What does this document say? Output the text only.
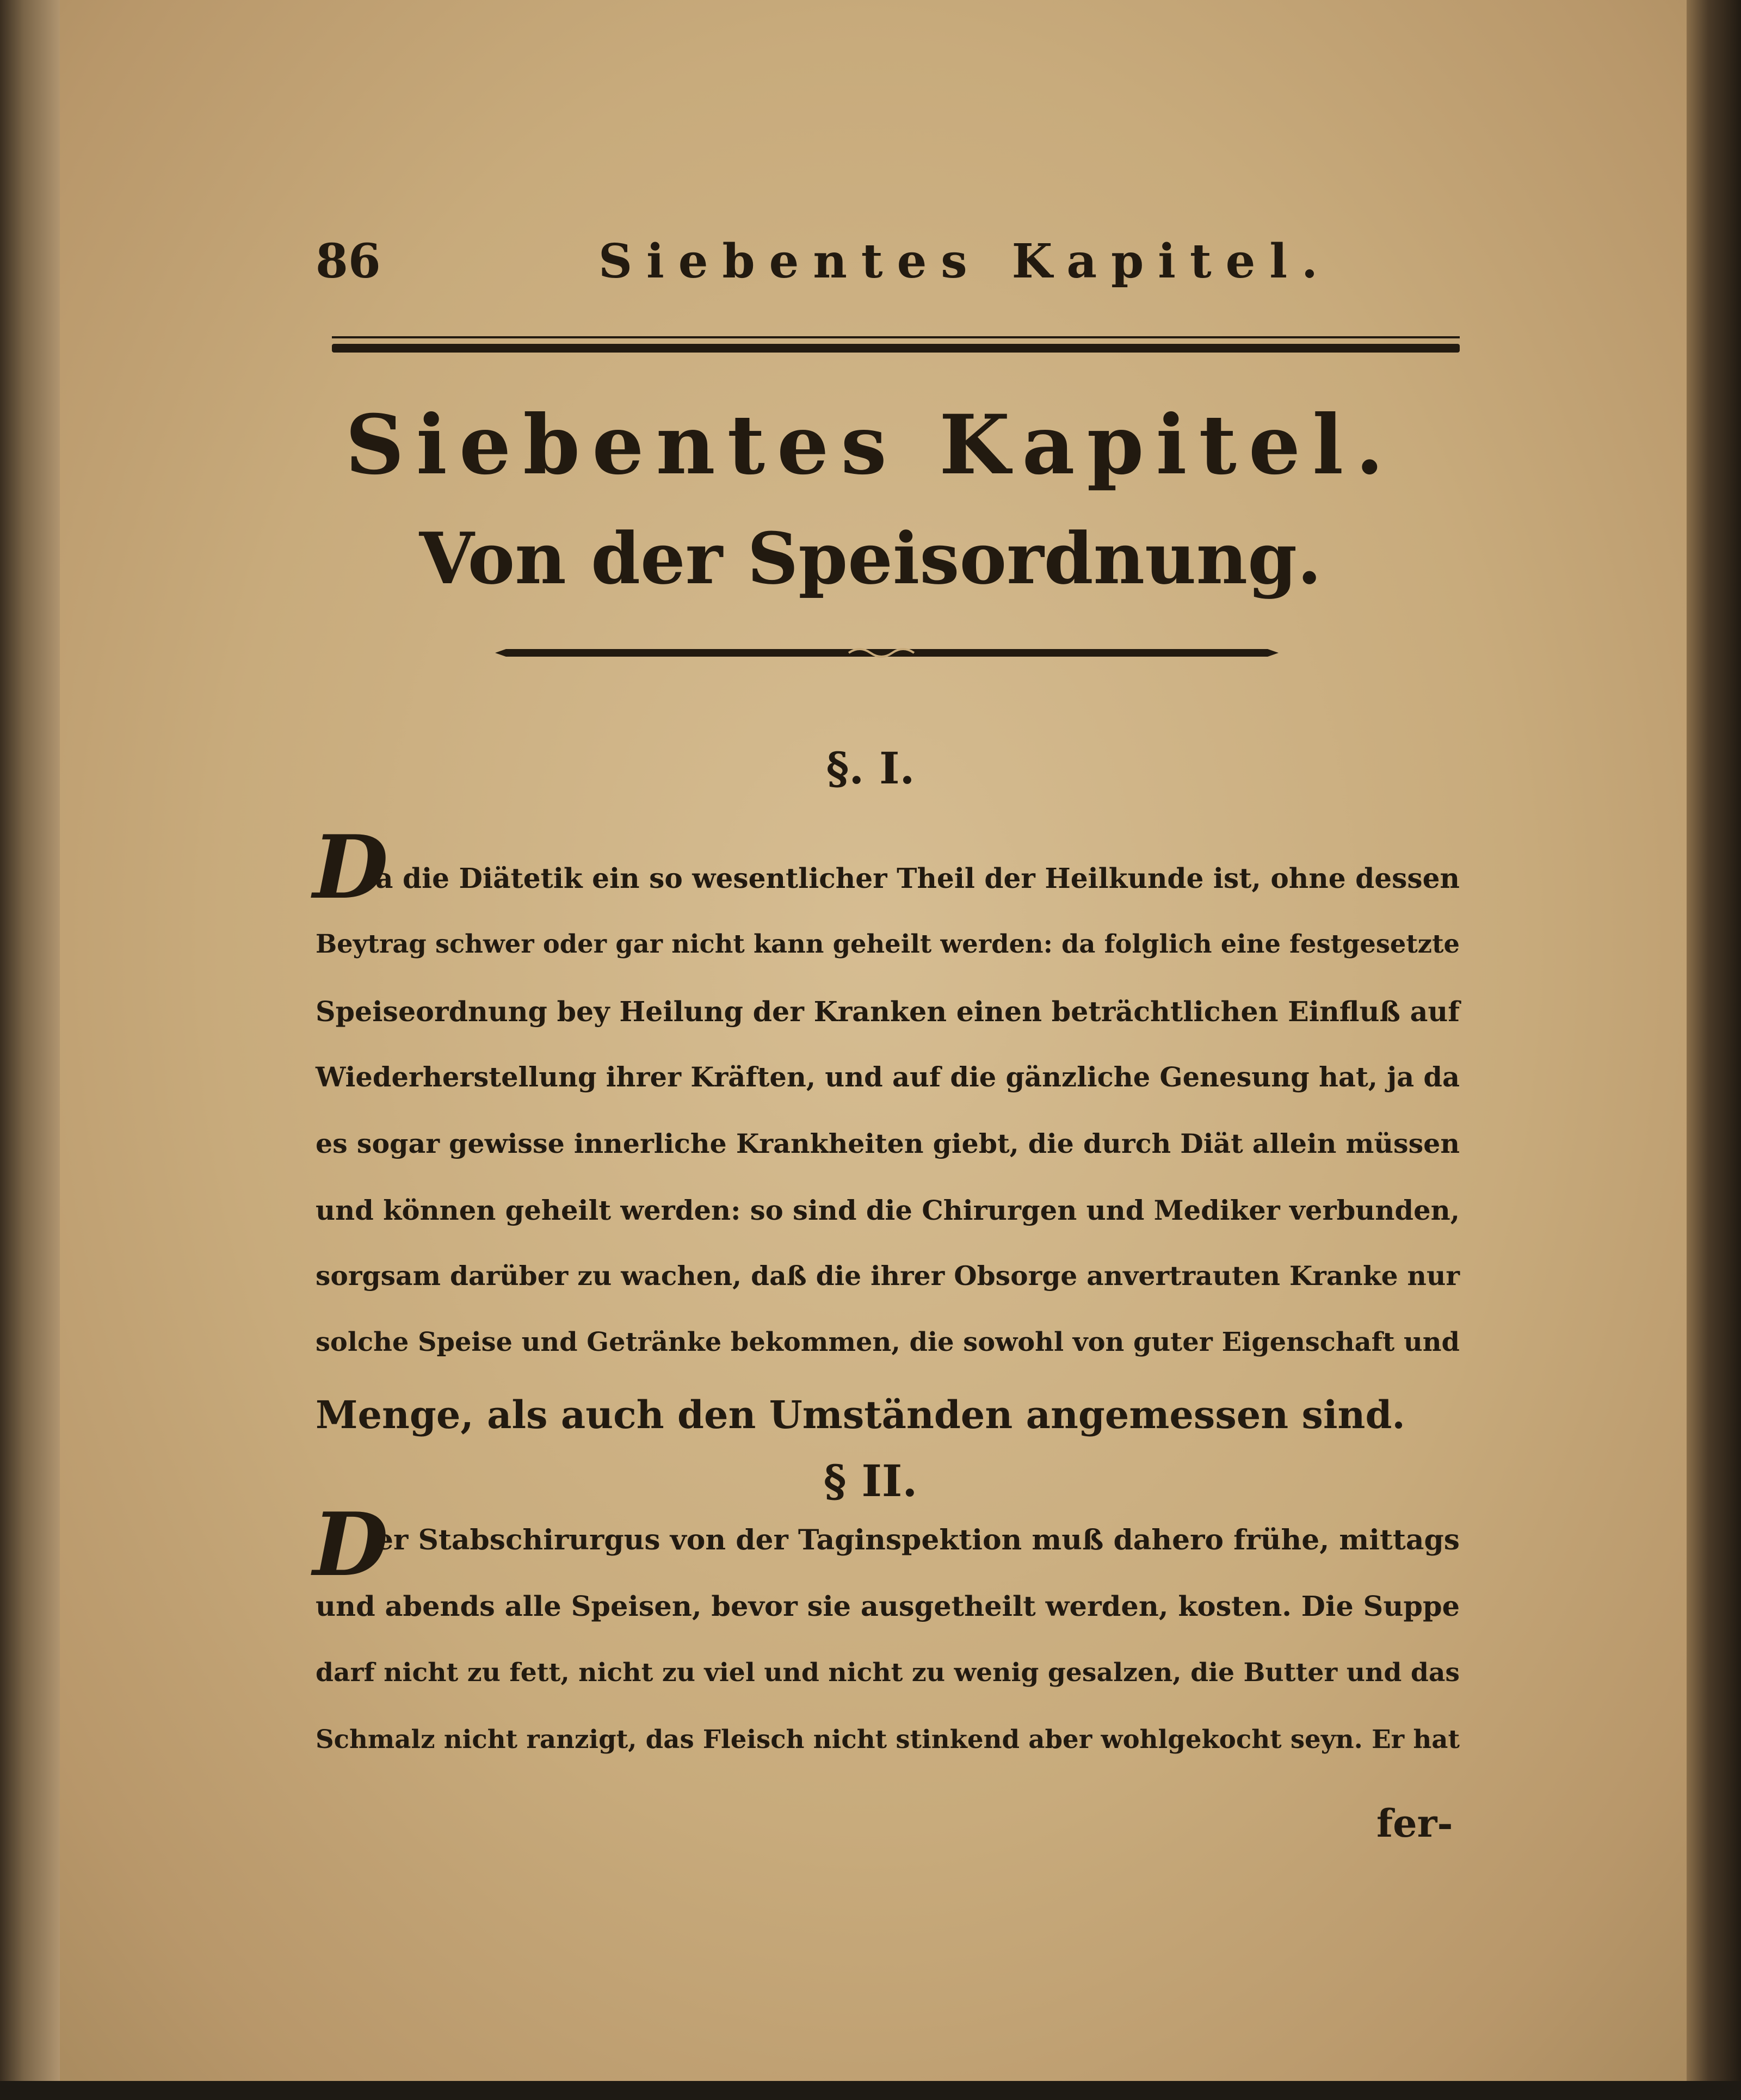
86	Siebentes Kapitel.
Siebentes Kapitel.
Von der Speisordnung.
§. I.
D
a die Diätetik ein so wesentlicher Theil der Heilkunde ist, ohne dessen
Beytrag schwer oder gar nicht kann geheilt werden: da folglich eine festgesetzte
Speiseordnung bey Heilung der Kranken einen beträchtlichen Einfluß auf
Wiederherstellung ihrer Kräften, und auf die gänzliche Genesung hat, ja da
es sogar gewisse innerliche Krankheiten giebt, die durch Diät allein müssen
und können geheilt werden: so sind die Chirurgen und Mediker verbunden,
sorgsam darüber zu wachen, daß die ihrer Obsorge anvertrauten Kranke nur
solche Speise und Getränke bekommen, die sowohl von guter Eigenschaft und
Menge, als auch den Umständen angemessen sind.
§ II.
D
er Stabschirurgus von der Taginspektion muß dahero frühe, mittags
und abends alle Speisen, bevor sie ausgetheilt werden, kosten. Die Suppe
darf nicht zu fett, nicht zu viel und nicht zu wenig gesalzen, die Butter und das
Schmalz nicht ranzigt, das Fleisch nicht stinkend aber wohlgekocht seyn. Er hat
fer-
